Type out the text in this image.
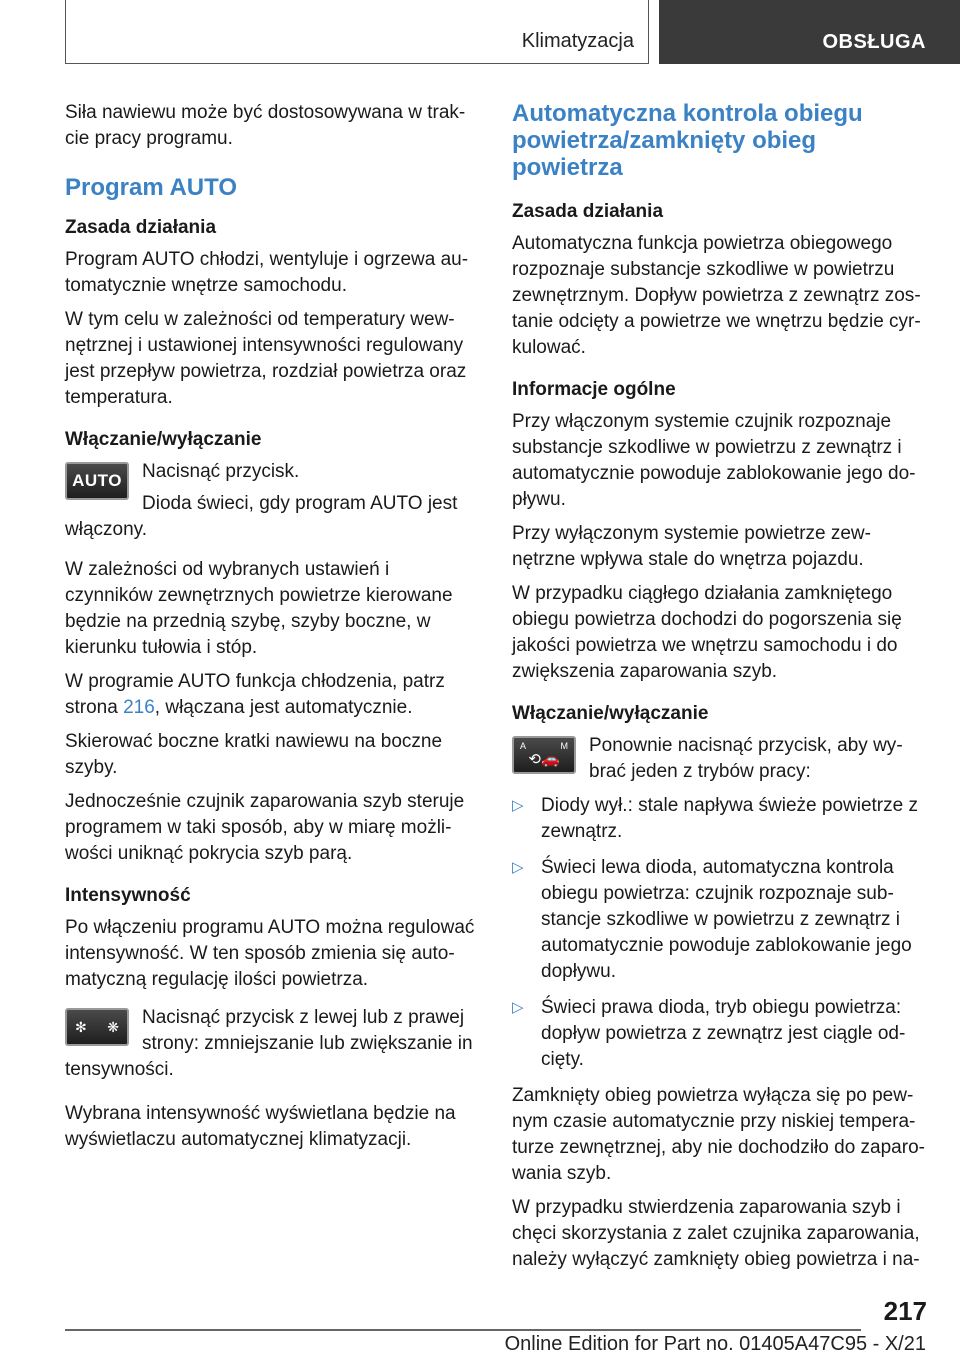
Klimatyzacja	OBSŁUGA

Siła nawiewu może być dostosowywana w trakcie pracy programu.

Program AUTO
Zasada działania

Program AUTO chłodzi, wentyluje i ogrzewa automatycznie wnętrze samochodu.

W tym celu w zależności od temperatury wewnętrznej i ustawionej intensywności regulowany jest przepływ powietrza, rozdział powietrza oraz temperatura.

Włączanie/wyłączanie
AUTO Nacisnąć przycisk.

Dioda świeci, gdy program AUTO jest

włączony.

W zależności od wybranych ustawień i czynników zewnętrznych powietrze kierowane będzie na przednią szybę, szyby boczne, w kierunku tułowia i stóp.

W programie AUTO funkcja chłodzenia, patrz strona 216, włączana jest automatycznie.

Skierować boczne kratki nawiewu na boczne szyby.

Jednocześnie czujnik zaparowania szyb steruje programem w taki sposób, aby w miarę możliwości uniknąć pokrycia szyb parą.

Intensywność

Po włączeniu programu AUTO można regulować intensywność. W ten sposób zmienia się automatyczną regulację ilości powietrza.

✻ ❋ Nacisnąć przycisk z lewej lub z prawej strony: zmniejszanie lub zwiększanie in

tensywności.

Wybrana intensywność wyświetlana będzie na wyświetlaczu automatycznej klimatyzacji.

Automatyczna kontrola obiegu powietrza/zamknięty obieg powietrza
Zasada działania

Automatyczna funkcja powietrza obiegowego rozpoznaje substancje szkodliwe w powietrzu zewnętrznym. Dopływ powietrza z zewnątrz zostanie odcięty a powietrze we wnętrzu będzie cyrkulować.

Informacje ogólne

Przy włączonym systemie czujnik rozpoznaje substancje szkodliwe w powietrzu z zewnątrz i automatycznie powoduje zablokowanie jego dopływu.

Przy wyłączonym systemie powietrze zewnętrzne wpływa stale do wnętrza pojazdu.

W przypadku ciągłego działania zamkniętego obiegu powietrza dochodzi do pogorszenia się jakości powietrza we wnętrzu samochodu i do zwiększenia zaparowania szyb.

Włączanie/wyłączanie
A	M
⟲🚗

Ponownie nacisnąć przycisk, aby wybrać jeden z trybów pracy:

▷ Diody wył.: stale napływa świeże powietrze z zewnątrz.
▷ Świeci lewa dioda, automatyczna kontrola obiegu powietrza: czujnik rozpoznaje substancje szkodliwe w powietrzu z zewnątrz i automatycznie powoduje zablokowanie jego dopływu.
▷ Świeci prawa dioda, tryb obiegu powietrza: dopływ powietrza z zewnątrz jest ciągle odcięty.

Zamknięty obieg powietrza wyłącza się po pewnym czasie automatycznie przy niskiej temperaturze zewnętrznej, aby nie dochodziło do zaparowania szyb.

W przypadku stwierdzenia zaparowania szyb i chęci skorzystania z zalet czujnika zaparowania, należy wyłączyć zamknięty obieg powietrza i na-

217
Online Edition for Part no. 01405A47C95 - X/21
